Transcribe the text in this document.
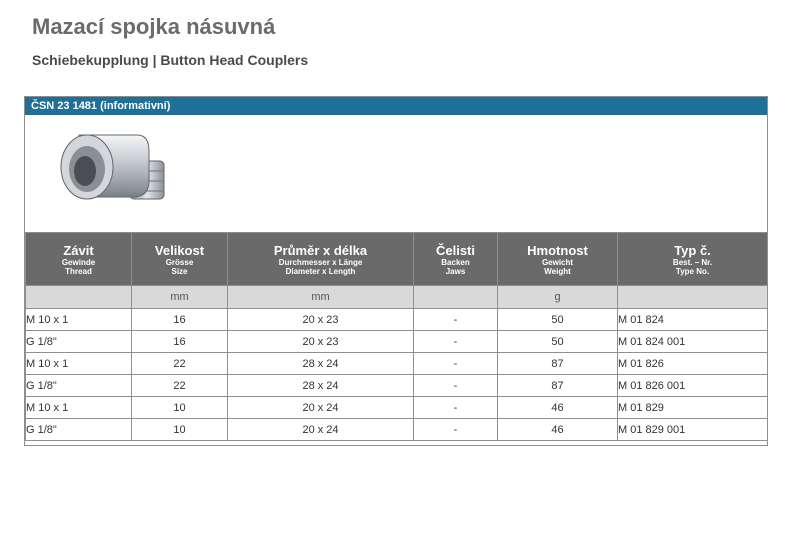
Mazací spojka násuvná
Schiebekupplung | Button Head Couplers
ČSN 23 1481 (informativní)
Závit
Gewinde
Thread	Velikost
Grösse
Size	Průměr x délka
Durchmesser x Länge
Diameter x Length	Čelisti
Backen
Jaws	Hmotnost
Gewicht
Weight	Typ č.
Best. – Nr.
Type No.

	mm	mm		g	
M 10 x 1	16	20 x 23	-	50	M 01 824
G 1/8"	16	20 x 23	-	50	M 01 824 001
M 10 x 1	22	28 x 24	-	87	M 01 826
G 1/8"	22	28 x 24	-	87	M 01 826 001
M 10 x 1	10	20 x 24	-	46	M 01 829
G 1/8"	10	20 x 24	-	46	M 01 829 001
